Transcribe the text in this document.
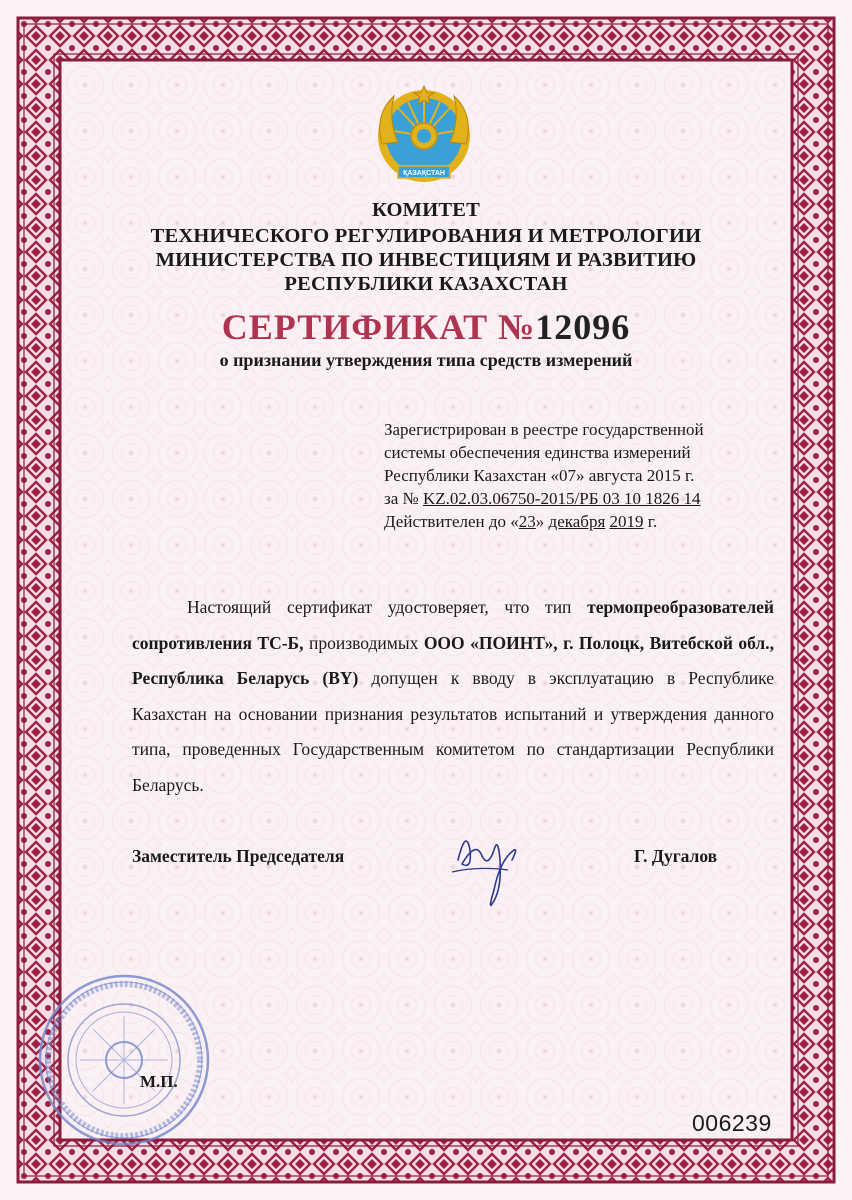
ҚАЗАҚСТАН
КОМИТЕТ
ТЕХНИЧЕСКОГО РЕГУЛИРОВАНИЯ И МЕТРОЛОГИИ
МИНИСТЕРСТВА ПО ИНВЕСТИЦИЯМ И РАЗВИТИЮ
РЕСПУБЛИКИ КАЗАХСТАН
СЕРТИФИКАТ №12096
о признании утверждения типа средств измерений
Зарегистрирован в реестре государственной
системы обеспечения единства измерений
Республики Казахстан «07» августа 2015 г.
за № KZ.02.03.06750-2015/РБ 03 10 1826 14
Действителен до «23» декабря 2019 г.

Настоящий сертификат удостоверяет, что тип термопреобразователей сопротивления ТС-Б, производимых ООО «ПОИНТ», г. Полоцк, Витебской обл., Республика Беларусь (BY) допущен к вводу в эксплуатацию в Республике Казахстан на основании признания результатов испытаний и утверждения данного типа, проведенных Государственным комитетом по стандартизации Республики Беларусь.

Заместитель Председателя	Г. Дугалов
М.П.
006239
